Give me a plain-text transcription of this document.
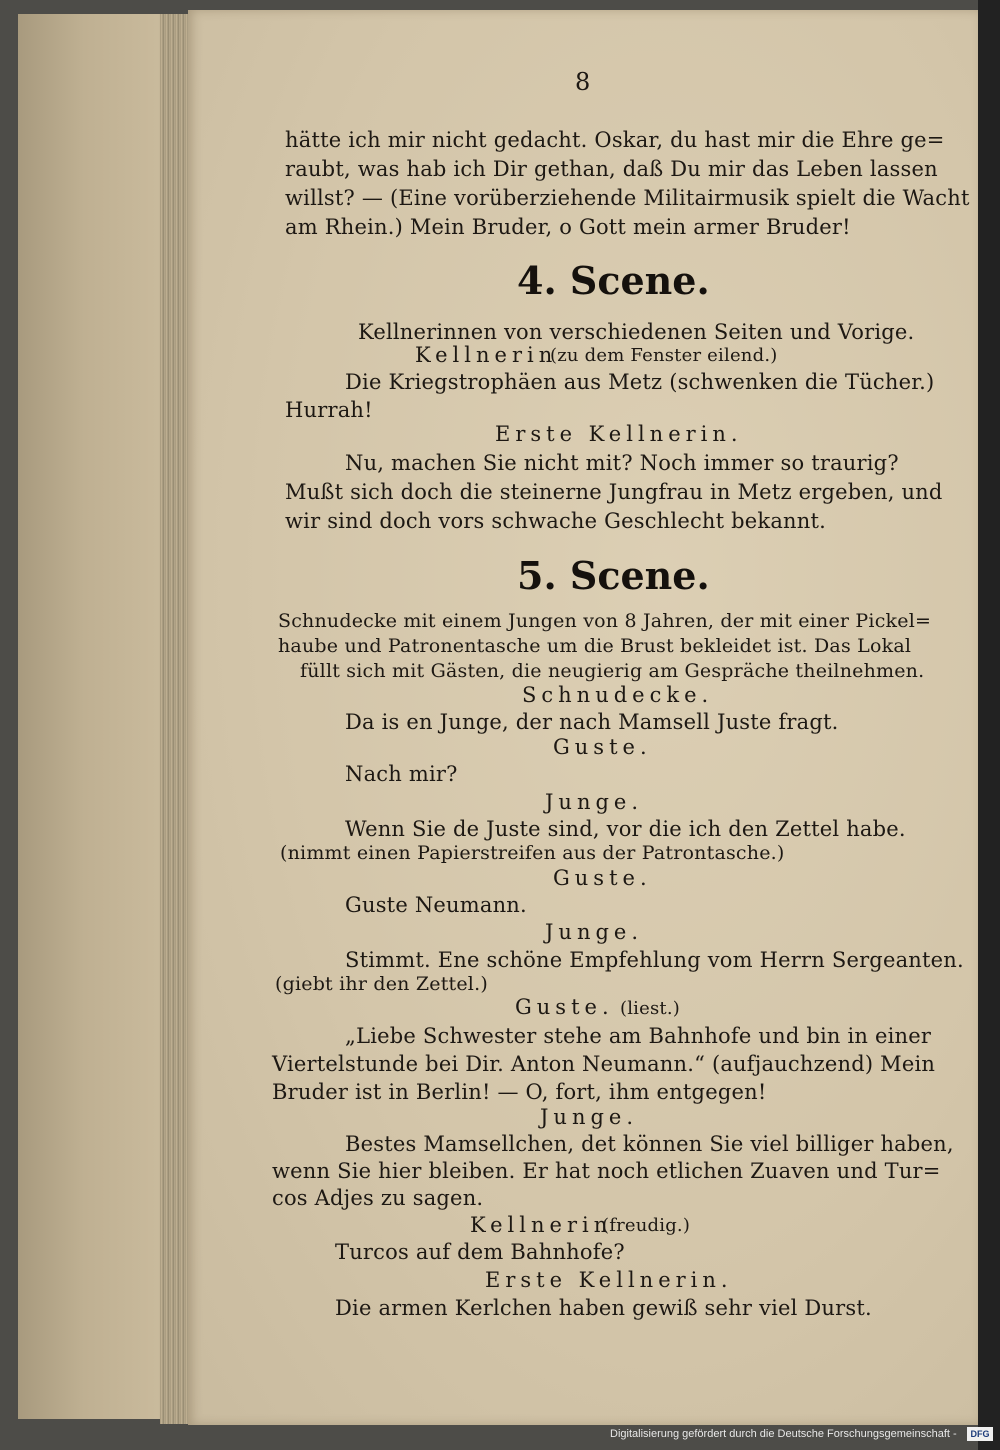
8
hätte ich mir nicht gedacht. Oskar, du hast mir die Ehre ge=
raubt, was hab ich Dir gethan, daß Du mir das Leben lassen
willst? — (Eine vorüberziehende Militairmusik spielt die Wacht
am Rhein.) Mein Bruder, o Gott mein armer Bruder!
4. Scene.
Kellnerinnen von verschiedenen Seiten und Vorige.
Kellnerin
(zu dem Fenster eilend.)
Die Kriegstrophäen aus Metz (schwenken die Tücher.)
Hurrah!
Erste Kellnerin.
Nu, machen Sie nicht mit? Noch immer so traurig?
Mußt sich doch die steinerne Jungfrau in Metz ergeben, und
wir sind doch vors schwache Geschlecht bekannt.
5. Scene.
Schnudecke mit einem Jungen von 8 Jahren, der mit einer Pickel=
haube und Patronentasche um die Brust bekleidet ist. Das Lokal
füllt sich mit Gästen, die neugierig am Gespräche theilnehmen.
Schnudecke.
Da is en Junge, der nach Mamsell Juste fragt.
Guste.
Nach mir?
Junge.
Wenn Sie de Juste sind, vor die ich den Zettel habe.
(nimmt einen Papierstreifen aus der Patrontasche.)
Guste.
Guste Neumann.
Junge.
Stimmt. Ene schöne Empfehlung vom Herrn Sergeanten.
(giebt ihr den Zettel.)
Guste. (liest.)
„Liebe Schwester stehe am Bahnhofe und bin in einer
Viertelstunde bei Dir. Anton Neumann.“ (aufjauchzend) Mein
Bruder ist in Berlin! — O, fort, ihm entgegen!
Junge.
Bestes Mamsellchen, det können Sie viel billiger haben,
wenn Sie hier bleiben. Er hat noch etlichen Zuaven und Tur=
cos Adjes zu sagen.
Kellnerin
(freudig.)
Turcos auf dem Bahnhofe?
Erste Kellnerin.
Die armen Kerlchen haben gewiß sehr viel Durst.
Digitalisierung gefördert durch die Deutsche Forschungsgemeinschaft -	DFG
